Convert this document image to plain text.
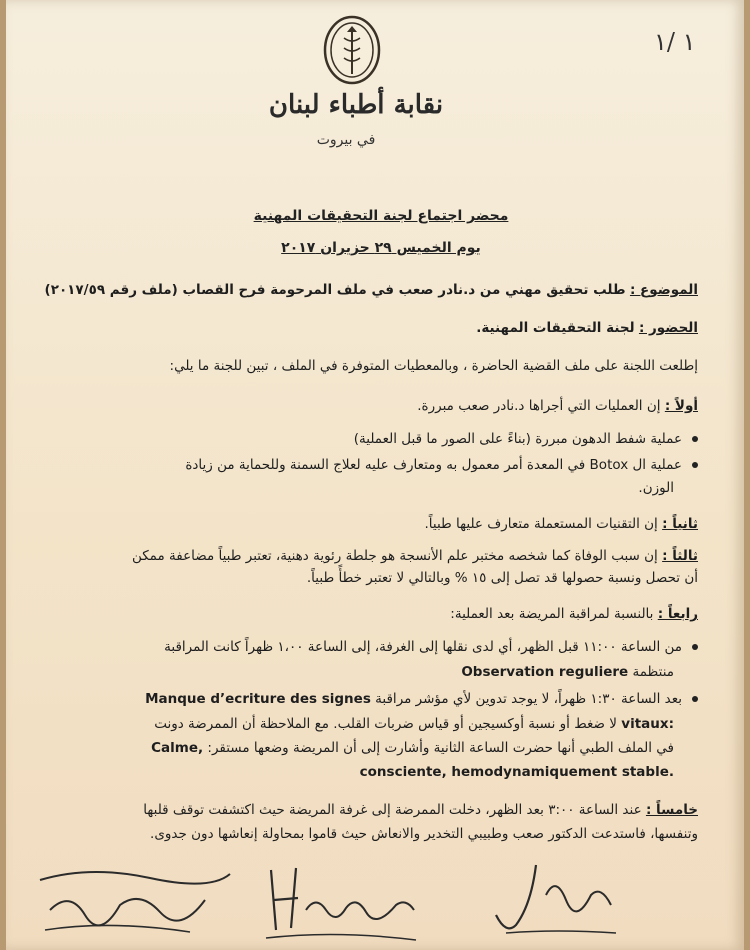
١ /١
نقابة أطباء لبنان
في بيروت
محضر اجتماع لجنة التحقيقات المهنية
يوم الخميس ٢٩ حزيران ٢٠١٧
الموضوع : طلب تحقيق مهني من د.نادر صعب في ملف المرحومة فرح القصاب (ملف رقم ٢٠١٧/٥٩)
الحضور : لجنة التحقيقات المهنية.
إطلعت اللجنة على ملف القضية الحاضرة ، وبالمعطيات المتوفرة في الملف ، تبين للجنة ما يلي:
أولاً : إن العمليات التي أجراها د.نادر صعب مبررة.
عملية شفط الدهون مبررة (بناءً على الصور ما قبل العملية)
عملية ال Botox في المعدة أمر معمول به ومتعارف عليه لعلاج السمنة وللحماية من زيادة
الوزن.
ثانياً : إن التقنيات المستعملة متعارف عليها طبياً.
ثالثاً : إن سبب الوفاة كما شخصه مختبر علم الأنسجة هو جلطة رئوية دهنية، تعتبر طبياً مضاعفة ممكن
أن تحصل ونسبة حصولها قد تصل إلى ١٥ % وبالتالي لا تعتبر خطأً طبياً.
رابعاً : بالنسبة لمراقبة المريضة بعد العملية:
من الساعة ١١:٠٠ قبل الظهر، أي لدى نقلها إلى الغرفة، إلى الساعة ١،٠٠ ظهراً كانت المراقبة
منتظمة Observation reguliere
بعد الساعة ١:٣٠ ظهراً، لا يوجد تدوين لأي مؤشر مراقبة Manque d’ecriture des signes
vitaux: لا ضغط أو نسبة أوكسيجين أو قياس ضربات القلب. مع الملاحظة أن الممرضة دونت
في الملف الطبي أنها حضرت الساعة الثانية وأشارت إلى أن المريضة وضعها مستقر: Calme,
consciente, hemodynamiquement stable.
خامساً : عند الساعة ٣:٠٠ بعد الظهر، دخلت الممرضة إلى غرفة المريضة حيث اكتشفت توقف قلبها
وتنفسها، فاستدعت الدكتور صعب وطبيبي التخدير والانعاش حيث قاموا بمحاولة إنعاشها دون جدوى.
